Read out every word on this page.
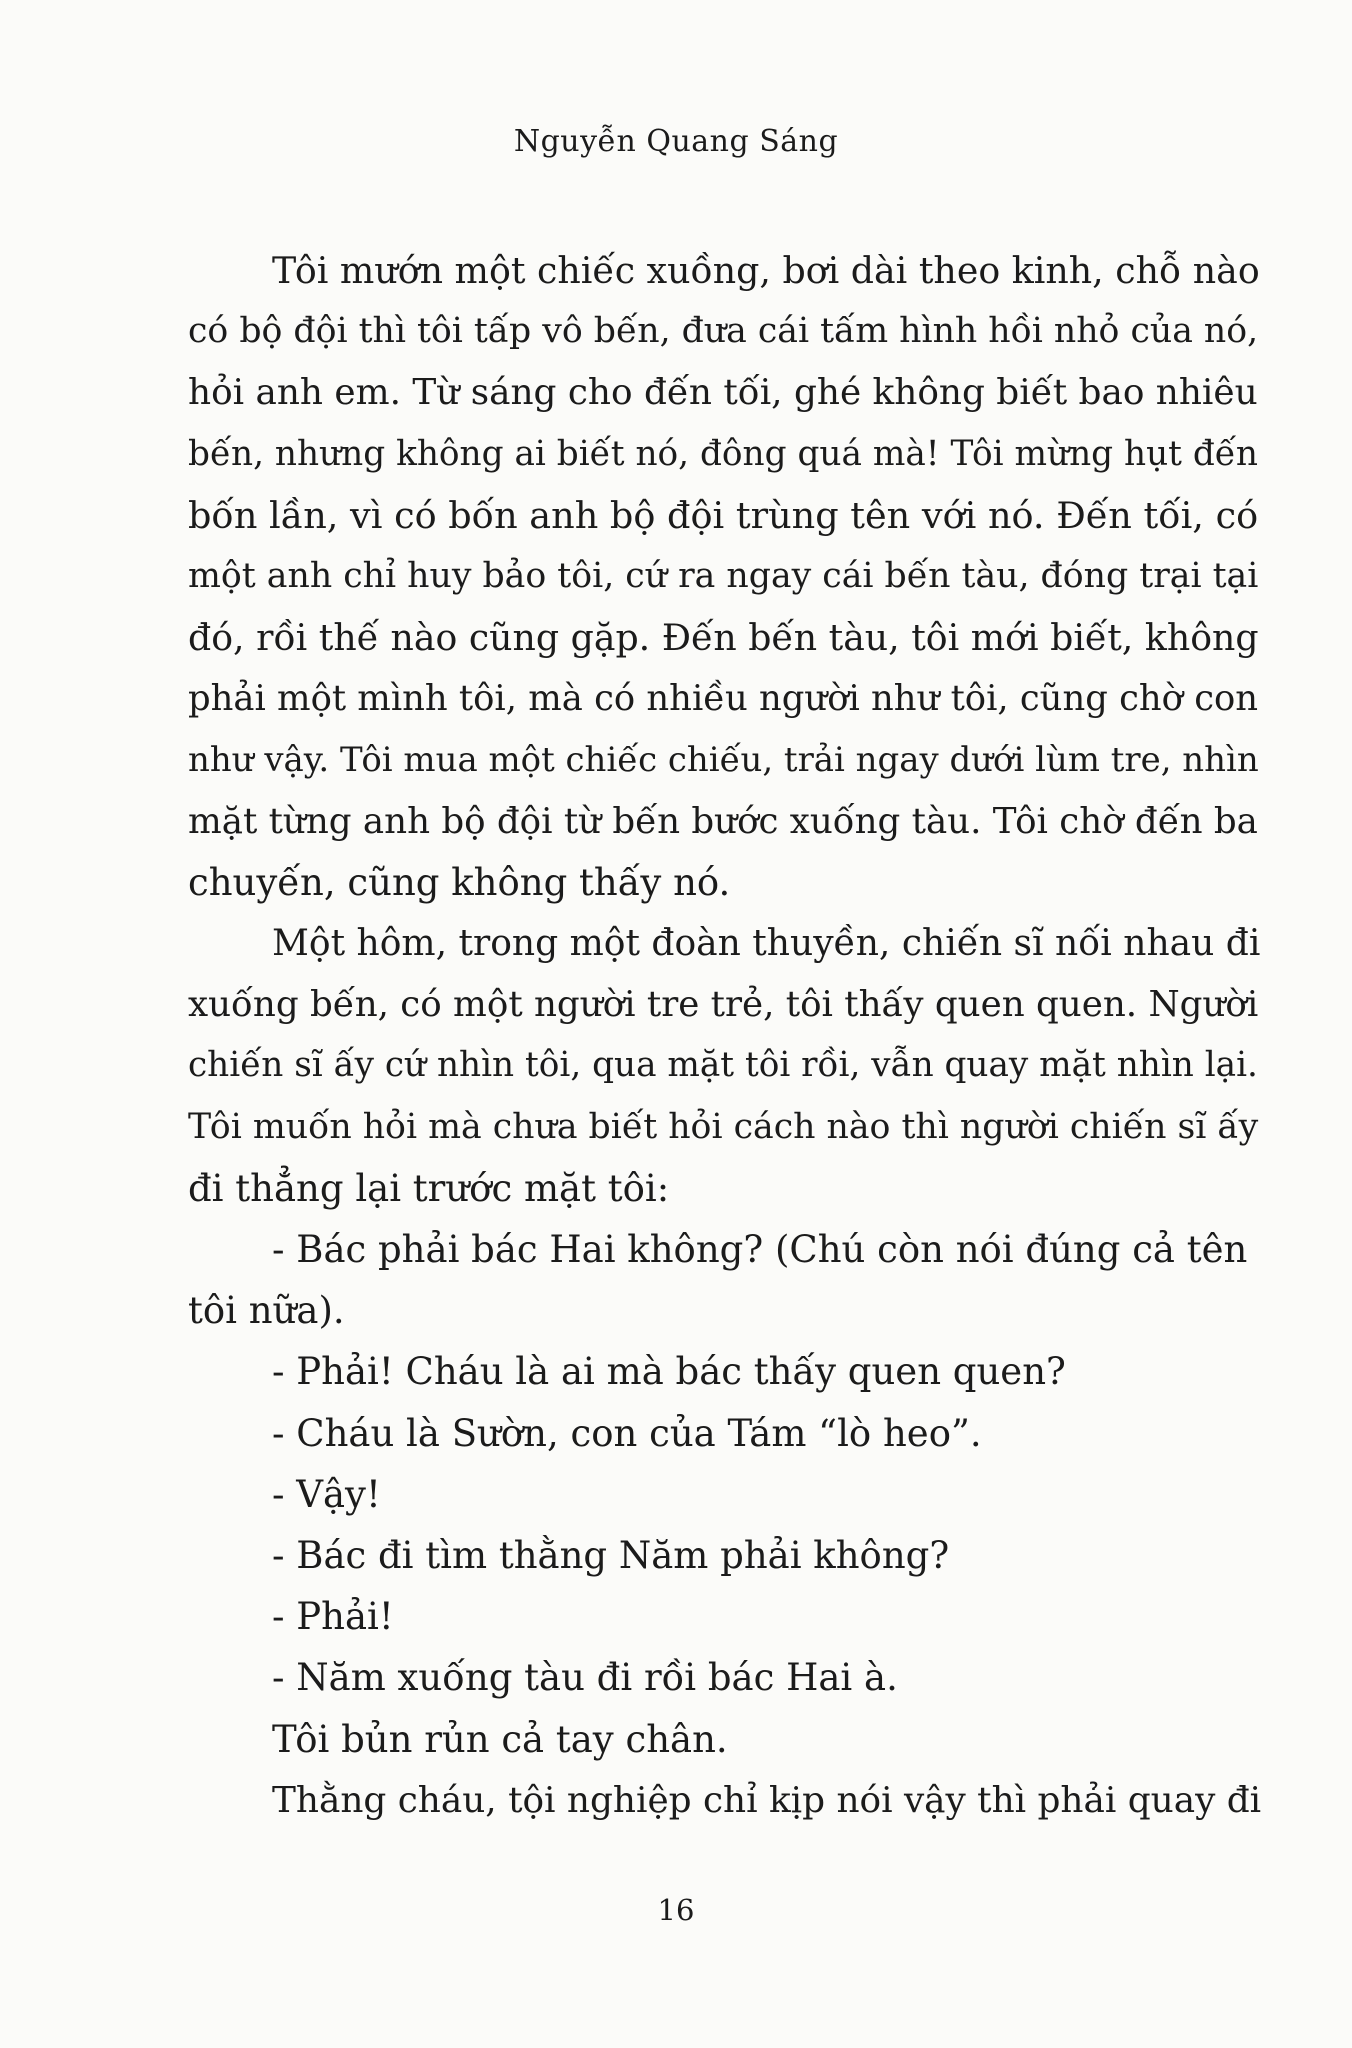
Nguyễn Quang Sáng
Tôi mướn một chiếc xuồng, bơi dài theo kinh, chỗ nào
có bộ đội thì tôi tấp vô bến, đưa cái tấm hình hồi nhỏ của nó,
hỏi anh em. Từ sáng cho đến tối, ghé không biết bao nhiêu
bến, nhưng không ai biết nó, đông quá mà! Tôi mừng hụt đến
bốn lần, vì có bốn anh bộ đội trùng tên với nó. Đến tối, có
một anh chỉ huy bảo tôi, cứ ra ngay cái bến tàu, đóng trại tại
đó, rồi thế nào cũng gặp. Đến bến tàu, tôi mới biết, không
phải một mình tôi, mà có nhiều người như tôi, cũng chờ con
như vậy. Tôi mua một chiếc chiếu, trải ngay dưới lùm tre, nhìn
mặt từng anh bộ đội từ bến bước xuống tàu. Tôi chờ đến ba
chuyến, cũng không thấy nó.
Một hôm, trong một đoàn thuyền, chiến sĩ nối nhau đi
xuống bến, có một người tre trẻ, tôi thấy quen quen. Người
chiến sĩ ấy cứ nhìn tôi, qua mặt tôi rồi, vẫn quay mặt nhìn lại.
Tôi muốn hỏi mà chưa biết hỏi cách nào thì người chiến sĩ ấy
đi thẳng lại trước mặt tôi:
- Bác phải bác Hai không? (Chú còn nói đúng cả tên
tôi nữa).
- Phải! Cháu là ai mà bác thấy quen quen?
- Cháu là Sườn, con của Tám “lò heo”.
- Vậy!
- Bác đi tìm thằng Năm phải không?
- Phải!
- Năm xuống tàu đi rồi bác Hai à.
Tôi bủn rủn cả tay chân.
Thằng cháu, tội nghiệp chỉ kịp nói vậy thì phải quay đi
16
